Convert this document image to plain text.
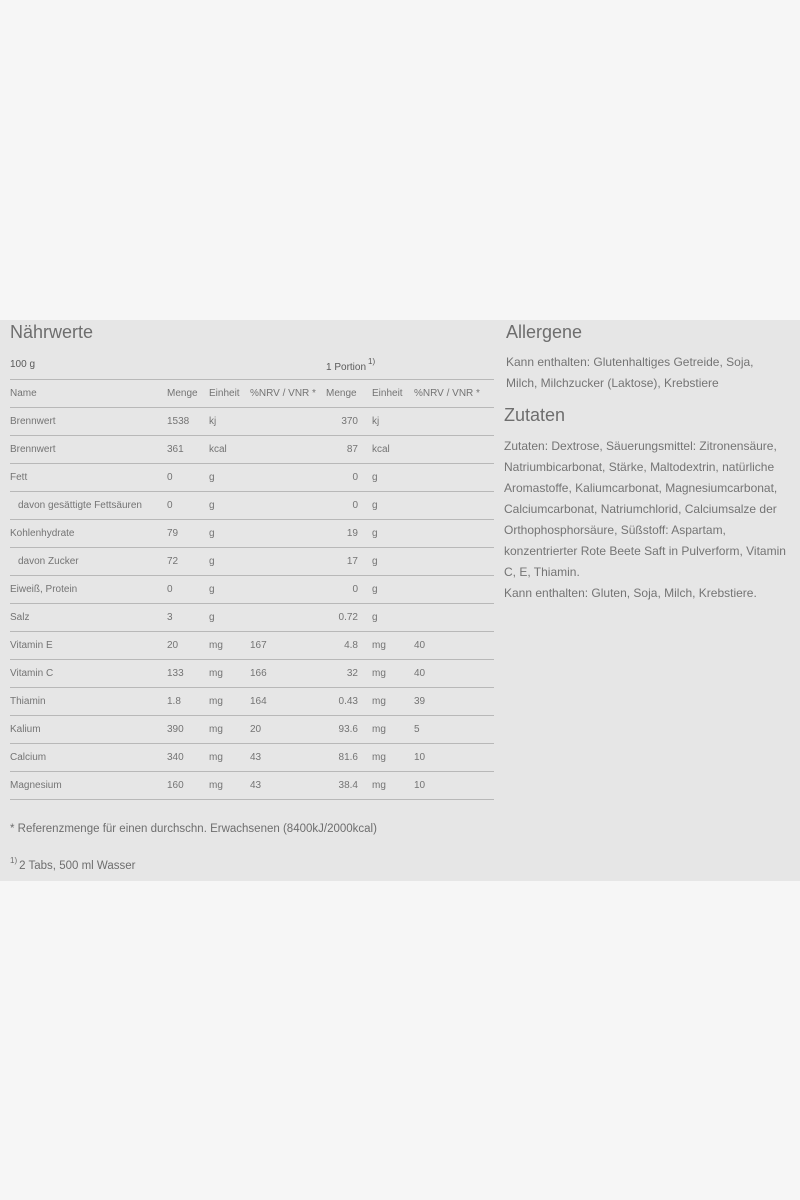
Nährwerte
100 g				1 Portion$^{1)}$
Name	Menge	Einheit	%NRV / VNR *	Menge	Einheit	%NRV / VNR *
Brennwert	1538	kj		370	kj	
Brennwert	361	kcal		87	kcal	
Fett	0	g		0	g	
davon gesättigte Fettsäuren	0	g		0	g	
Kohlenhydrate	79	g		19	g	
davon Zucker	72	g		17	g	
Eiweiß, Protein	0	g		0	g	
Salz	3	g		0.72	g	
Vitamin E	20	mg	167	4.8	mg	40
Vitamin C	133	mg	166	32	mg	40
Thiamin	1.8	mg	164	0.43	mg	39
Kalium	390	mg	20	93.6	mg	5
Calcium	340	mg	43	81.6	mg	10
Magnesium	160	mg	43	38.4	mg	10
* Referenzmenge für einen durchschn. Erwachsenen (8400kJ/2000kcal)
$^{1)}$ 2 Tabs, 500 ml Wasser
Allergene
Kann enthalten: Glutenhaltiges Getreide, Soja, Milch, Milchzucker (Laktose), Krebstiere
Zutaten

Zutaten: Dextrose, Säuerungsmittel: Zitronensäure, Natriumbicarbonat, Stärke, Maltodextrin, natürliche Aromastoffe, Kaliumcarbonat, Magnesiumcarbonat, Calciumcarbonat, Natriumchlorid, Calciumsalze der Orthophosphorsäure, Süßstoff: Aspartam, konzentrierter Rote Beete Saft in Pulverform, Vitamin C, E, Thiamin.

Kann enthalten: Gluten, Soja, Milch, Krebstiere.
